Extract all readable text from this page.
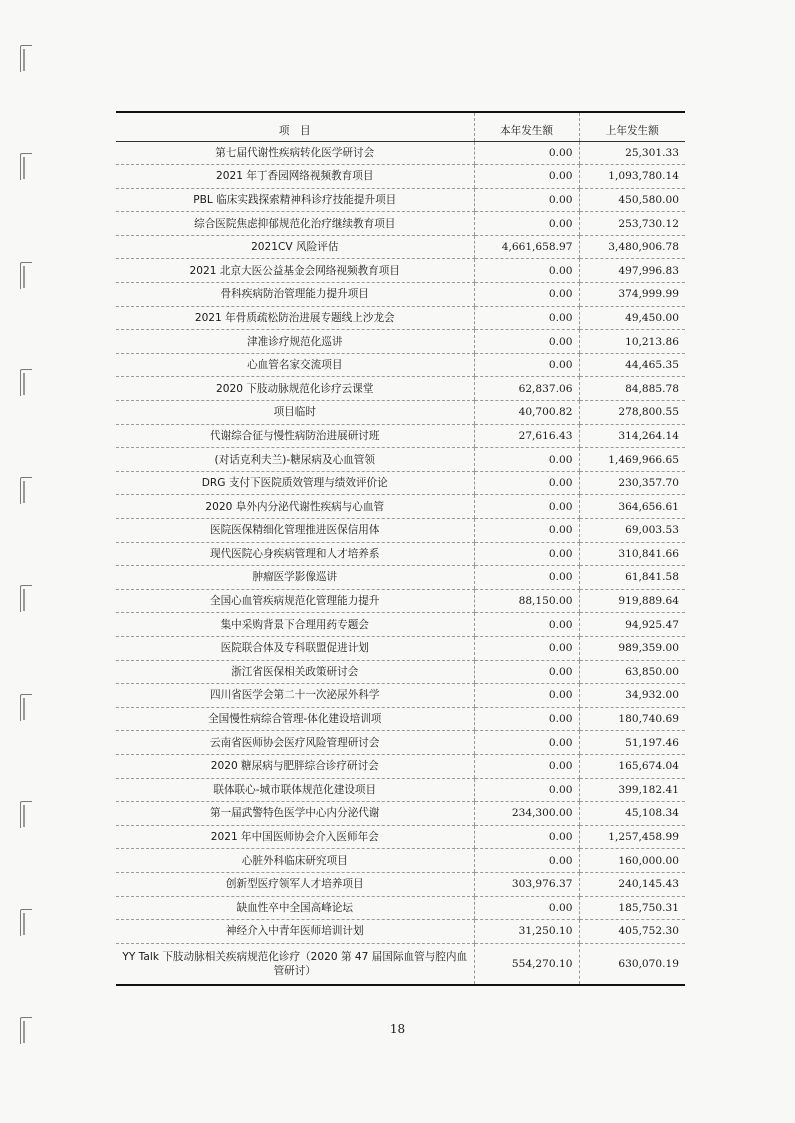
项　目	本年发生额	上年发生额
第七届代谢性疾病转化医学研讨会	0.00	25,301.33
2021 年丁香园网络视频教育项目	0.00	1,093,780.14
PBL 临床实践探索精神科诊疗技能提升项目	0.00	450,580.00
综合医院焦虑抑郁规范化治疗继续教育项目	0.00	253,730.12
2021CV 风险评估	4,661,658.97	3,480,906.78
2021 北京大医公益基金会网络视频教育项目	0.00	497,996.83
骨科疾病防治管理能力提升项目	0.00	374,999.99
2021 年骨质疏松防治进展专题线上沙龙会	0.00	49,450.00
津准诊疗规范化巡讲	0.00	10,213.86
心血管名家交流项目	0.00	44,465.35
2020 下肢动脉规范化诊疗云课堂	62,837.06	84,885.78
项目临时	40,700.82	278,800.55
代谢综合征与慢性病防治进展研讨班	27,616.43	314,264.14
(对话克利夫兰)-糖尿病及心血管领	0.00	1,469,966.65
DRG 支付下医院质效管理与绩效评价论	0.00	230,357.70
2020 阜外内分泌代谢性疾病与心血管	0.00	364,656.61
医院医保精细化管理推进医保信用体	0.00	69,003.53
现代医院心身疾病管理和人才培养系	0.00	310,841.66
肿瘤医学影像巡讲	0.00	61,841.58
全国心血管疾病规范化管理能力提升	88,150.00	919,889.64
集中采购背景下合理用药专题会	0.00	94,925.47
医院联合体及专科联盟促进计划	0.00	989,359.00
浙江省医保相关政策研讨会	0.00	63,850.00
四川省医学会第二十一次泌尿外科学	0.00	34,932.00
全国慢性病综合管理-体化建设培训项	0.00	180,740.69
云南省医师协会医疗风险管理研讨会	0.00	51,197.46
2020 糖尿病与肥胖综合诊疗研讨会	0.00	165,674.04
联体联心-城市联体规范化建设项目	0.00	399,182.41
第一届武警特色医学中心内分泌代谢	234,300.00	45,108.34
2021 年中国医师协会介入医师年会	0.00	1,257,458.99
心脏外科临床研究项目	0.00	160,000.00
创新型医疗领军人才培养项目	303,976.37	240,145.43
缺血性卒中全国高峰论坛	0.00	185,750.31
神经介入中青年医师培训计划	31,250.10	405,752.30
YY Talk 下肢动脉相关疾病规范化诊疗（2020 第 47 届国际血管与腔内血管研讨）	554,270.10	630,070.19
18
